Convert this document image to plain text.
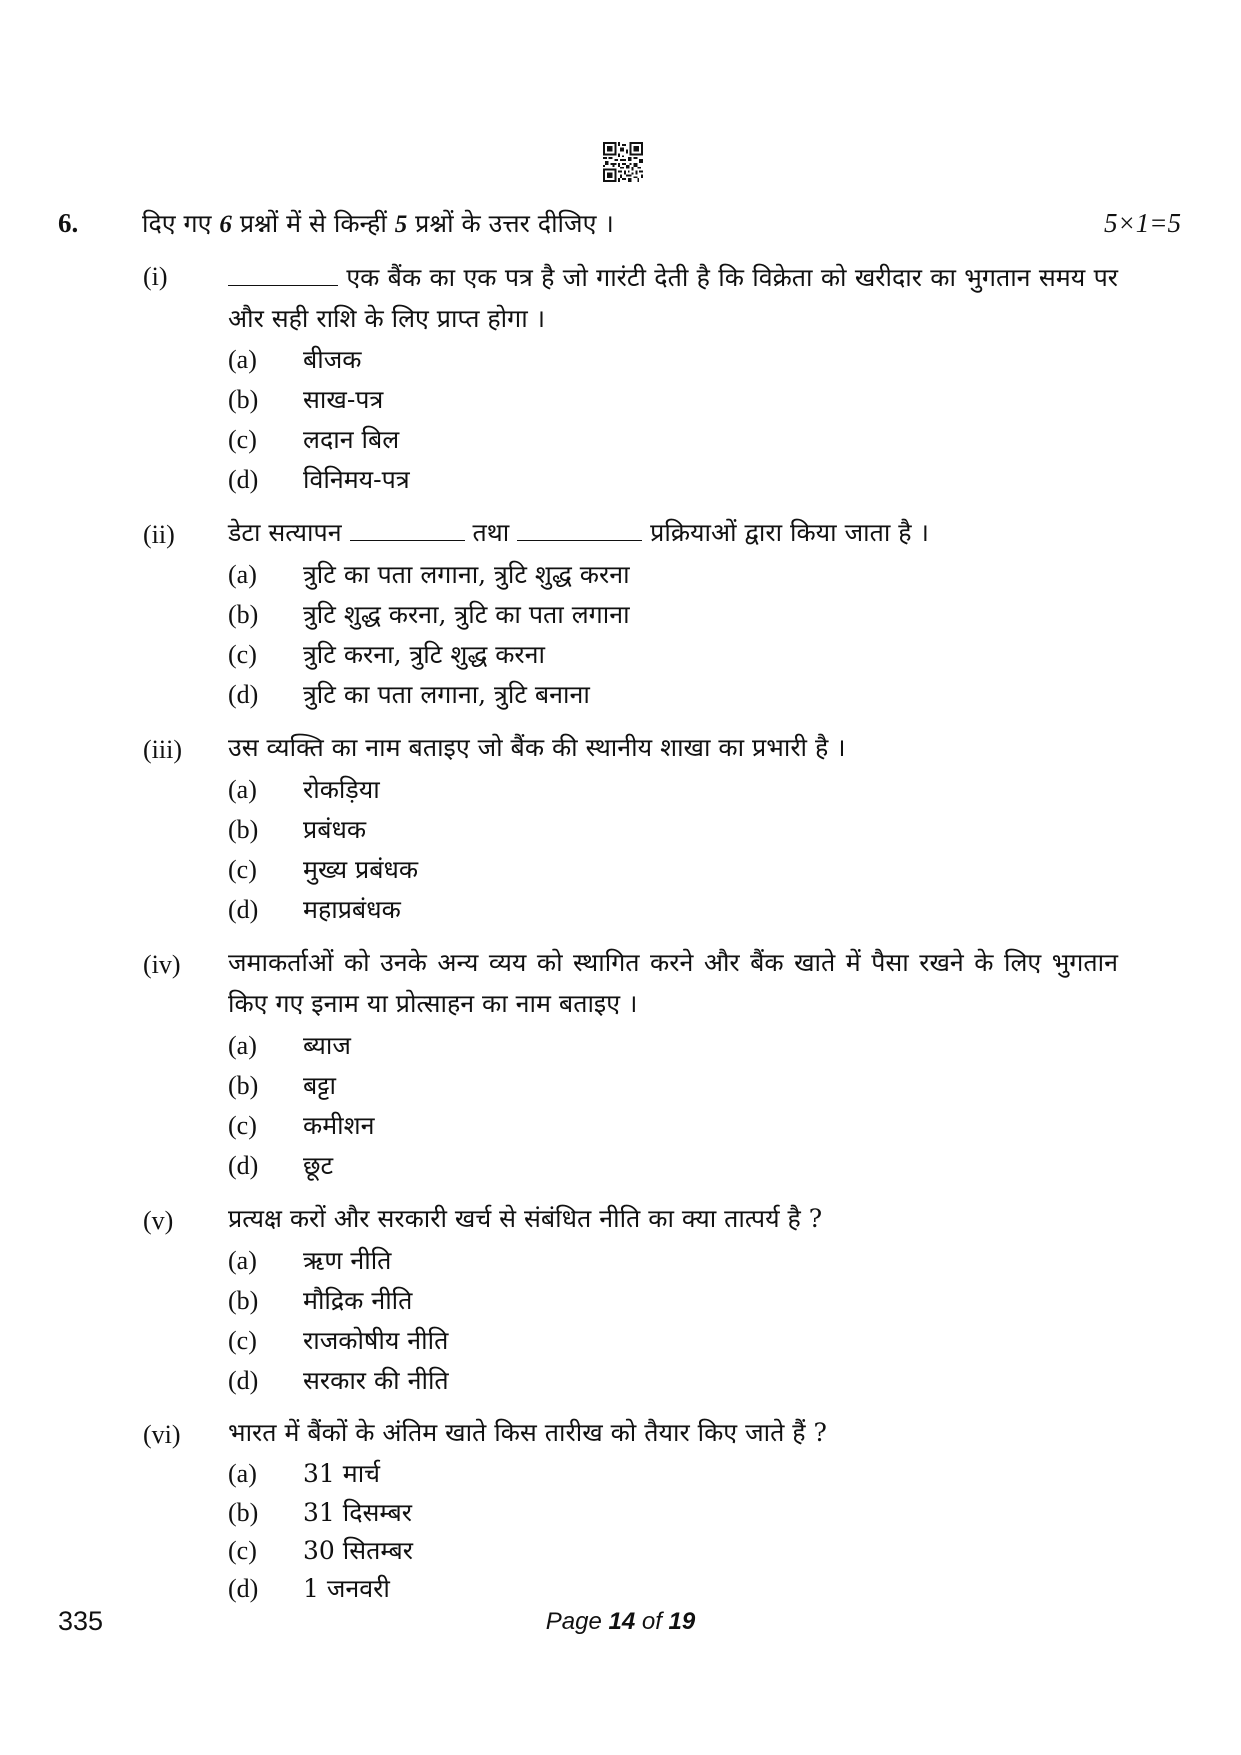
6.	दिए गए 6 प्रश्नों में से किन्हीं 5 प्रश्नों के उत्तर दीजिए ।	5×1=5
(i)	एक बैंक का एक पत्र है जो गारंटी देती है कि विक्रेता को खरीदार का भुगतान समय पर और सही राशि के लिए प्राप्त होगा ।
(a) बीजक
(b) साख-पत्र
(c) लदान बिल
(d) विनिमय-पत्र
(ii) डेटा सत्यापन	तथा	प्रक्रियाओं द्वारा किया जाता है ।
(a) त्रुटि का पता लगाना, त्रुटि शुद्ध करना
(b) त्रुटि शुद्ध करना, त्रुटि का पता लगाना
(c) त्रुटि करना, त्रुटि शुद्ध करना
(d) त्रुटि का पता लगाना, त्रुटि बनाना
(iii) उस व्यक्ति का नाम बताइए जो बैंक की स्थानीय शाखा का प्रभारी है ।
(a) रोकड़िया
(b) प्रबंधक
(c) मुख्य प्रबंधक
(d) महाप्रबंधक
(iv) जमाकर्ताओं को उनके अन्य व्यय को स्थागित करने और बैंक खाते में पैसा रखने के लिए भुगतान किए गए इनाम या प्रोत्साहन का नाम बताइए ।
(a) ब्याज
(b) बट्टा
(c) कमीशन
(d) छूट
(v) प्रत्यक्ष करों और सरकारी खर्च से संबंधित नीति का क्या तात्पर्य है ?
(a) ऋण नीति
(b) मौद्रिक नीति
(c) राजकोषीय नीति
(d) सरकार की नीति
(vi) भारत में बैंकों के अंतिम खाते किस तारीख को तैयार किए जाते हैं ?
(a) 31 मार्च
(b) 31 दिसम्बर
(c) 30 सितम्बर
(d) 1 जनवरी
335	Page 14 of 19
